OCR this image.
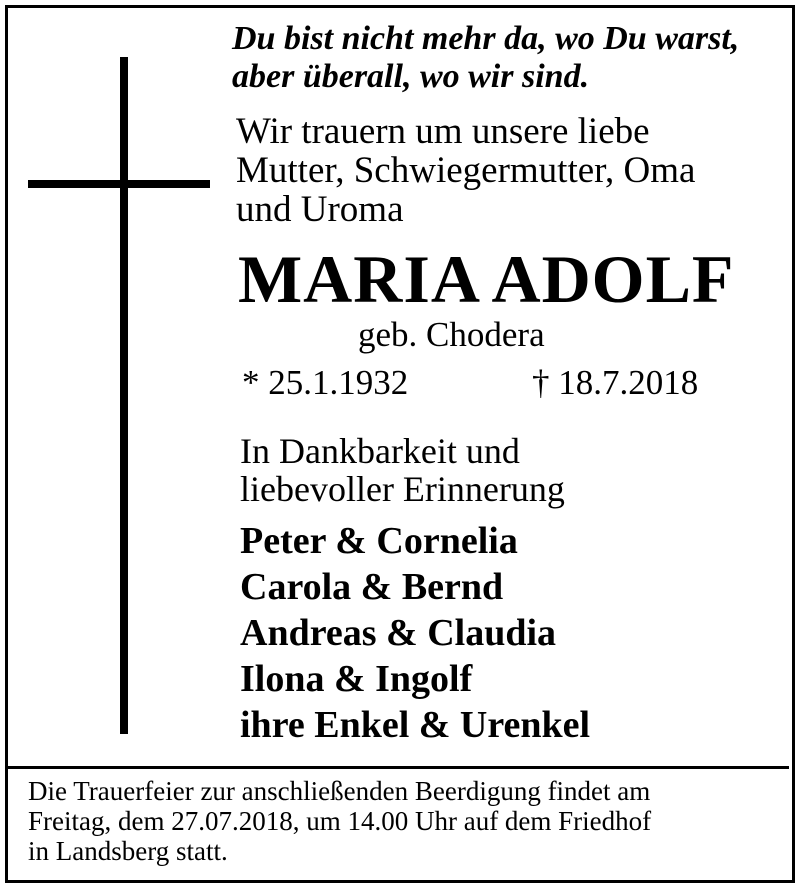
Du bist nicht mehr da, wo Du warst,
aber überall, wo wir sind.
Wir trauern um unsere liebe
Mutter, Schwiegermutter, Oma
und Uroma
MARIA ADOLF
geb. Chodera
* 25.1.1932	† 18.7.2018
In Dankbarkeit und
liebevoller Erinnerung
Peter & Cornelia
Carola & Bernd
Andreas & Claudia
Ilona & Ingolf
ihre Enkel & Urenkel
Die Trauerfeier zur anschließenden Beerdigung findet am
Freitag, dem 27.07.2018, um 14.00 Uhr auf dem Friedhof
in Landsberg statt.
